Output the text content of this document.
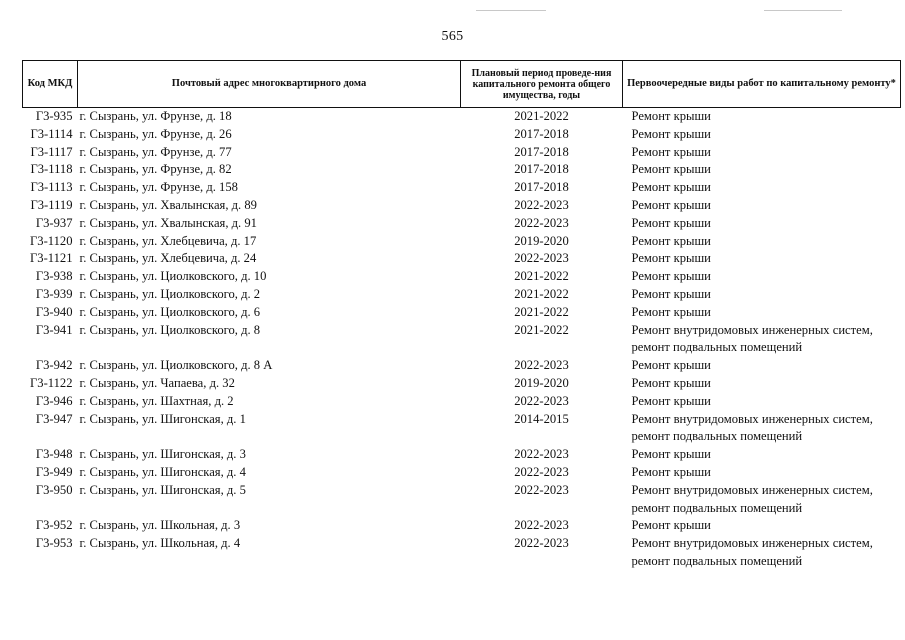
565
Код МКД	Почтовый адрес многоквартирного дома	Плановый период проведе-ния капитального ремонта общего имущества, годы	Первоочередные виды работ по капитальному ремонту*
Г3-935	г. Сызрань, ул. Фрунзе, д. 18	2021-2022	Ремонт крыши

Г3-1114	г. Сызрань, ул. Фрунзе, д. 26	2017-2018	Ремонт крыши

Г3-1117	г. Сызрань, ул. Фрунзе, д. 77	2017-2018	Ремонт крыши

Г3-1118	г. Сызрань, ул. Фрунзе, д. 82	2017-2018	Ремонт крыши

Г3-1113	г. Сызрань, ул. Фрунзе, д. 158	2017-2018	Ремонт крыши

Г3-1119	г. Сызрань, ул. Хвалынская, д. 89	2022-2023	Ремонт крыши

Г3-937	г. Сызрань, ул. Хвалынская, д. 91	2022-2023	Ремонт крыши

Г3-1120	г. Сызрань, ул. Хлебцевича, д. 17	2019-2020	Ремонт крыши

Г3-1121	г. Сызрань, ул. Хлебцевича, д. 24	2022-2023	Ремонт крыши

Г3-938	г. Сызрань, ул. Циолковского, д. 10	2021-2022	Ремонт крыши

Г3-939	г. Сызрань, ул. Циолковского, д. 2	2021-2022	Ремонт крыши

Г3-940	г. Сызрань, ул. Циолковского, д. 6	2021-2022	Ремонт крыши

Г3-941	г. Сызрань, ул. Циолковского, д. 8	2021-2022	Ремонт внутридомовых инженерных систем,
ремонт подвальных помещений

Г3-942	г. Сызрань, ул. Циолковского, д. 8 А	2022-2023	Ремонт крыши

Г3-1122	г. Сызрань, ул. Чапаева, д. 32	2019-2020	Ремонт крыши

Г3-946	г. Сызрань, ул. Шахтная, д. 2	2022-2023	Ремонт крыши

Г3-947	г. Сызрань, ул. Шигонская, д. 1	2014-2015	Ремонт внутридомовых инженерных систем,
ремонт подвальных помещений

Г3-948	г. Сызрань, ул. Шигонская, д. 3	2022-2023	Ремонт крыши

Г3-949	г. Сызрань, ул. Шигонская, д. 4	2022-2023	Ремонт крыши

Г3-950	г. Сызрань, ул. Шигонская, д. 5	2022-2023	Ремонт внутридомовых инженерных систем,
ремонт подвальных помещений

Г3-952	г. Сызрань, ул. Школьная, д. 3	2022-2023	Ремонт крыши

Г3-953	г. Сызрань, ул. Школьная, д. 4	2022-2023	Ремонт внутридомовых инженерных систем,
ремонт подвальных помещений
